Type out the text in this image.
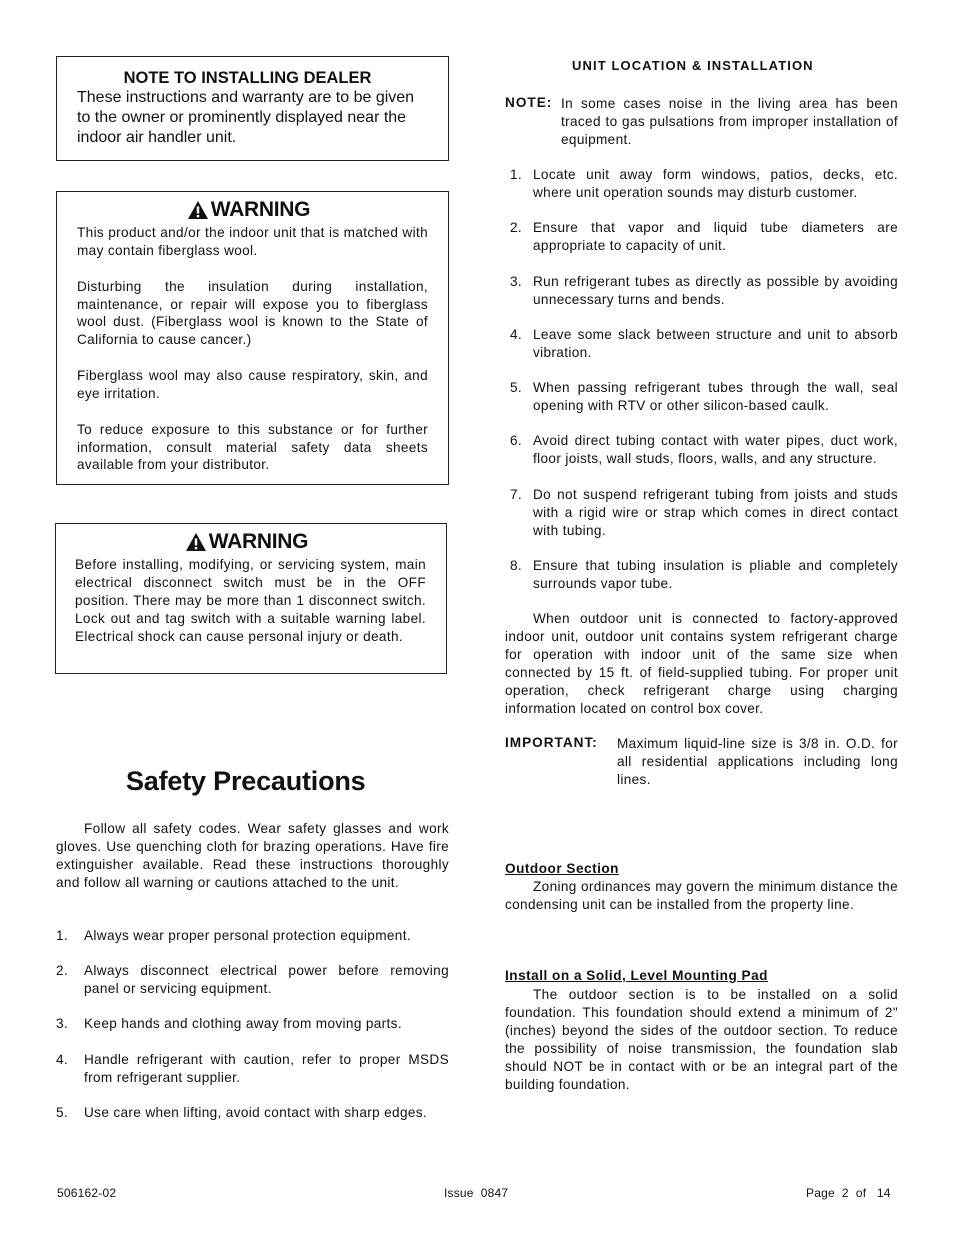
NOTE TO INSTALLING DEALER
These instructions and warranty are to be given to the owner or prominently displayed near the indoor air handler unit.
WARNING

This product and/or the indoor unit that is matched with may contain fiberglass wool.

Disturbing the insulation during installation, maintenance, or repair will expose you to fiberglass wool dust. (Fiberglass wool is known to the State of California to cause cancer.)

Fiberglass wool may also cause respiratory, skin, and eye irritation.

To reduce exposure to this substance or for further information, consult material safety data sheets available from your distributor.

WARNING

Before installing, modifying, or servicing system, main electrical disconnect switch must be in the OFF position. There may be more than 1 disconnect switch. Lock out and tag switch with a suitable warning label. Electrical shock can cause personal injury or death.

Safety Precautions

Follow all safety codes. Wear safety glasses and work gloves. Use quenching cloth for brazing operations. Have fire extinguisher available. Read these instructions thoroughly and follow all warning or cautions attached to the unit.

1. Always wear proper personal protection equipment.
2. Always disconnect electrical power before removing panel or servicing equipment.
3. Keep hands and clothing away from moving parts.
4. Handle refrigerant with caution, refer to proper MSDS from refrigerant supplier.
5. Use care when lifting, avoid contact with sharp edges.
UNIT LOCATION & INSTALLATION
NOTE: In some cases noise in the living area has been traced to gas pulsations from improper installation of equipment.

1. Locate unit away form windows, patios, decks, etc. where unit operation sounds may disturb customer.
2. Ensure that vapor and liquid tube diameters are appropriate to capacity of unit.
3. Run refrigerant tubes as directly as possible by avoiding unnecessary turns and bends.
4. Leave some slack between structure and unit to absorb vibration.
5. When passing refrigerant tubes through the wall, seal opening with RTV or other silicon-based caulk.
6. Avoid direct tubing contact with water pipes, duct work, floor joists, wall studs, floors, walls, and any structure.
7. Do not suspend refrigerant tubing from joists and studs with a rigid wire or strap which comes in direct contact with tubing.
8. Ensure that tubing insulation is pliable and completely surrounds vapor tube.

When outdoor unit is connected to factory-approved indoor unit, outdoor unit contains system refrigerant charge for operation with indoor unit of the same size when connected by 15 ft. of field-supplied tubing. For proper unit operation, check refrigerant charge using charging information located on control box cover.

IMPORTANT: Maximum liquid-line size is 3/8 in. O.D. for all residential applications including long lines.

Outdoor Section

Zoning ordinances may govern the minimum distance the condensing unit can be installed from the property line.

Install on a Solid, Level Mounting Pad

The outdoor section is to be installed on a solid foundation. This foundation should extend a minimum of 2" (inches) beyond the sides of the outdoor section. To reduce the possibility of noise transmission, the foundation slab should NOT be in contact with or be an integral part of the building foundation.

506162-02	Issue  0847	Page  2  of   14
